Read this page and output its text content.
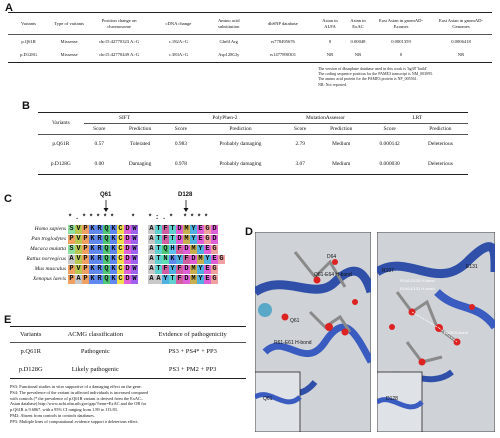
A
Variants	Type of variants	Position change on chromosome	cDNA change	Amino acid substitution	dbSNP database	Asian in ALFA	Asian in ExAC	East Asian in gnomAD-Exomes	East Asian in gnomAD-Genomes
p.Q61R	Missense	chr15:42770323 A>G	c.182A>G	Gln61Arg	rs778495676	0	0.00048	0.0001359	0.0006418
p.D128G	Missense	chr15:42770449 A>G	c.383A>G	Asp128Gly	rs1477890301	NR	NR	0	NR
The version of dbsnpbase database used in this work is 'hg38' 'build'
The coding sequence position for the PAME3 transcript is NM_003095.
The amino acid protein for the PAME3 protein is NP_005561.
NR: Not reported.
B
Variants	SIFT		PolyPhen-2		MutationAssessor		LRT	
	Score	Prediction	Score	Prediction	Score	Prediction	Score	Prediction
p.Q61R	0.57	Tolerated	0.983	Probably damaging	2.79	Medium	0.000142	Deleterious
p.D128G	0.00	Damaging	0.978	Probably damaging	3.07	Medium	0.000030	Deleterious
C	Q61	D128
* . * * * * * * * : . * * * * *
Homo sapiens S V P K R Q K C D W A T F T D M Y E G D
Pan troglodytes P V P K R Q K C D W A T F T D M Y E G D
Macaca mulatta S V P K R Q K C D W A T Q H F D M Y E G
Rattus norvegicus A V P K R Q K C D W A T N K Y F D M Y E G
Mus musculus P V P K R Q K C D W A T F Y F D M Y E G
Xenopus laevis P A P K R Q K C D W A A Y T F D M Y E G
D
D64
Q61-E64 H-bond
Q61
R61-E61 H-bond
Q61
R107
E131
R146-D128 H-bond
R146-E131 H-bond
D128 H-bond
D128
E
Variants	ACMG classification	Evidence of pathogenicity
p.Q61R	Pathogenic	PS3 + PS4* + PP3
p.D128G	Likely pathogenic	PS3 + PM2 + PP3
PS3: Functional studies in vitro supportive of a damaging effect on the gene.
PS4: The prevalence of the variant in affected individuals is increased compared
with controls (* the prevalence of p.Q61R variant is derived from the ExAC–
Asian database) http://www.ncbi.nlm.nih.gov/gap/?term=ExAC and the OR for
p.Q61R is 9.6867, with a 95% CI ranging from 1.89 to 113.83.
PM2: Absent from controls in controls databases.
PP3: Multiple lines of computational evidence support a deleterious effect.
